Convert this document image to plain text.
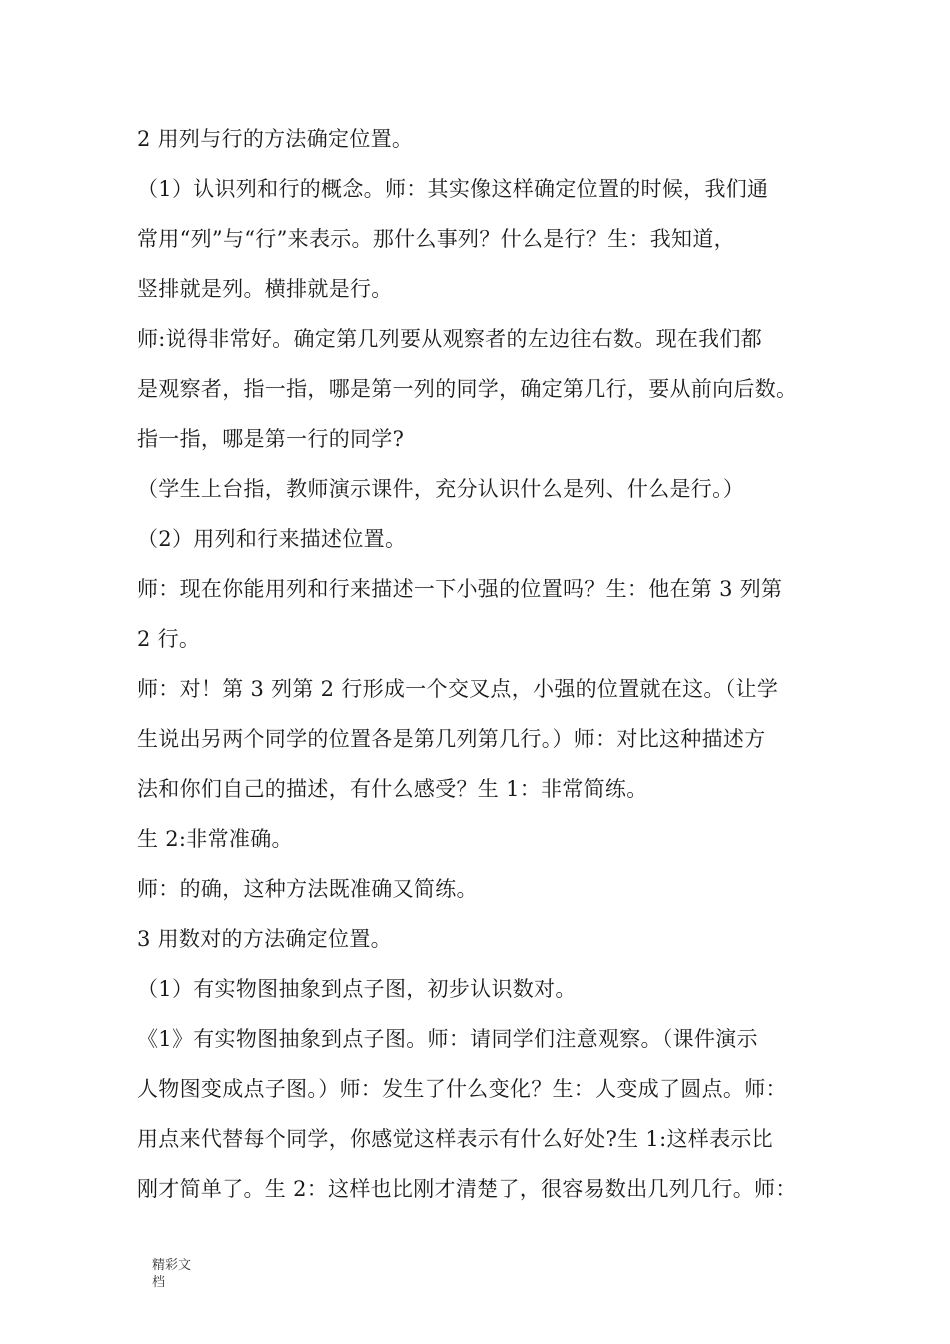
2 用列与行的方法确定位置。
（1）认识列和行的概念。师：其实像这样确定位置的时候，我们通
常用“列”与“行”来表示。那什么事列？什么是行？生：我知道，
竖排就是列。横排就是行。
师:说得非常好。确定第几列要从观察者的左边往右数。现在我们都
是观察者，指一指，哪是第一列的同学，确定第几行，要从前向后数。
指一指，哪是第一行的同学?
（学生上台指，教师演示课件，充分认识什么是列、什么是行。）
（2）用列和行来描述位置。
师：现在你能用列和行来描述一下小强的位置吗？生：他在第 3 列第
2 行。
师：对！第 3 列第 2 行形成一个交叉点，小强的位置就在这。（让学
生说出另两个同学的位置各是第几列第几行。）师：对比这种描述方
法和你们自己的描述，有什么感受？生 1：非常简练。
生 2:非常准确。
师：的确，这种方法既准确又简练。
3 用数对的方法确定位置。
（1）有实物图抽象到点子图，初步认识数对。
《1》有实物图抽象到点子图。师：请同学们注意观察。（课件演示
人物图变成点子图。）师：发生了什么变化？生：人变成了圆点。师：
用点来代替每个同学，你感觉这样表示有什么好处?生 1:这样表示比
刚才简单了。生 2：这样也比刚才清楚了，很容易数出几列几行。师：
精彩文
档
